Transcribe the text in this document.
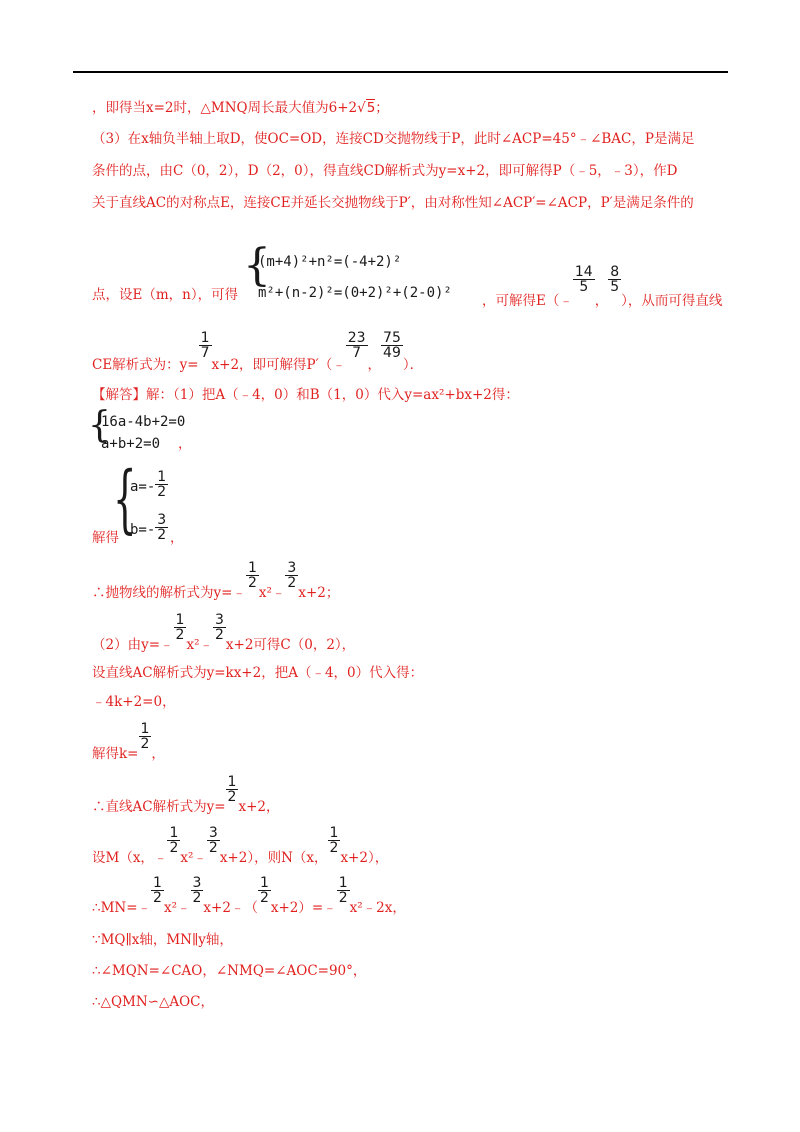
，即得当x=2时，△MNQ周长最大值为6+2√5；
（3）在x轴负半轴上取D，使OC=OD，连接CD交抛物线于P，此时∠ACP=45°﹣∠BAC，P是满足
条件的点，由C（0，2），D（2，0），得直线CD解析式为y=x+2，即可解得P（﹣5，﹣3），作D
关于直线AC的对称点E，连接CE并延长交抛物线于P′，由对称性知∠ACP′=∠ACP，P′是满足条件的
{
(m+4)²+n²=(-4+2)²
m²+(n-2)²=(0+2)²+(2-0)²
点，设E（m，n），可得	，可解得E（﹣
$\frac{14}{5}$
，
$\frac{8}{5}$
），从而可得直线
CE解析式为：y=
$\frac{1}{7}$
x+2，即可解得P′（﹣
$\frac{23}{7}$
，
$\frac{75}{49}$
）．
【解答】解：（1）把A（﹣4，0）和B（1，0）代入y=ax²+bx+2得：
{
16a-4b+2=0
a+b+2=0 ，
{
$a=- \frac{1}{2}$
$b=- \frac{3}{2}$
解得	，
∴抛物线的解析式为y=﹣
$\frac{1}{2}$
x²﹣
$\frac{3}{2}$
x+2；
（2）由y=﹣
$\frac{1}{2}$
x²﹣
$\frac{3}{2}$
x+2可得C（0，2），
设直线AC解析式为y=kx+2，把A（﹣4，0）代入得：
﹣4k+2=0，
解得k=
$\frac{1}{2}$
，
∴直线AC解析式为y=
$\frac{1}{2}$
x+2，
设M（x，﹣
$\frac{1}{2}$
x²﹣
$\frac{3}{2}$
x+2），则N（x，
$\frac{1}{2}$
x+2），
∴MN=﹣
$\frac{1}{2}$
x²﹣
$\frac{3}{2}$
x+2﹣（
$\frac{1}{2}$
x+2）=﹣
$\frac{1}{2}$
x²﹣2x，
∵MQ∥x轴，MN∥y轴，
∴∠MQN=∠CAO，∠NMQ=∠AOC=90°，
∴△QMN∽△AOC，
